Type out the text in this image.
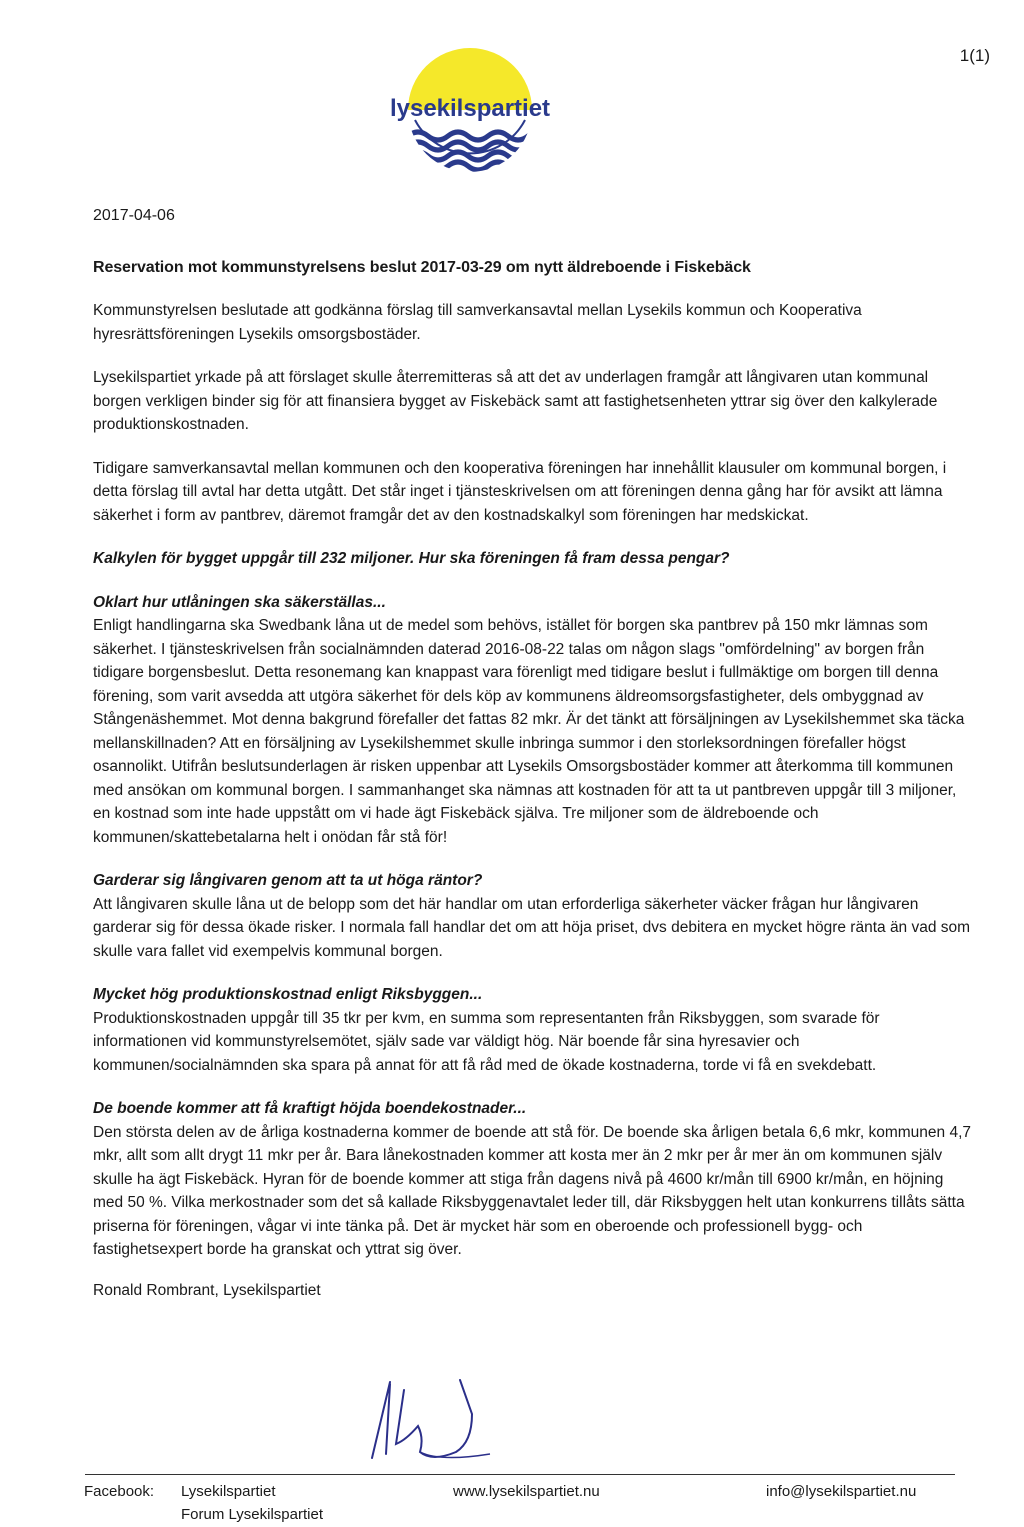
1(1)
lysekilspartiet
2017-04-06
Reservation mot kommunstyrelsens beslut 2017-03-29 om nytt äldreboende i Fiskebäck

Kommunstyrelsen beslutade att godkänna förslag till samverkansavtal mellan Lysekils kommun och Kooperativa hyresrättsföreningen Lysekils omsorgsbostäder.

Lysekilspartiet yrkade på att förslaget skulle återremitteras så att det av underlagen framgår att långivaren utan kommunal borgen verkligen binder sig för att finansiera bygget av Fiskebäck samt att fastighetsenheten yttrar sig över den kalkylerade produktionskostnaden.

Tidigare samverkansavtal mellan kommunen och den kooperativa föreningen har innehållit klausuler om kommunal borgen, i detta förslag till avtal har detta utgått. Det står inget i tjänsteskrivelsen om att föreningen denna gång har för avsikt att lämna säkerhet i form av pantbrev, däremot framgår det av den kostnadskalkyl som föreningen har medskickat.

Kalkylen för bygget uppgår till 232 miljoner. Hur ska föreningen få fram dessa pengar?
Oklart hur utlåningen ska säkerställas...

Enligt handlingarna ska Swedbank låna ut de medel som behövs, istället för borgen ska pantbrev på 150 mkr lämnas som säkerhet. I tjänsteskrivelsen från socialnämnden daterad 2016-08-22 talas om någon slags "omfördelning" av borgen från tidigare borgensbeslut. Detta resonemang kan knappast vara förenligt med tidigare beslut i fullmäktige om borgen till denna förening, som varit avsedda att utgöra säkerhet för dels köp av kommunens äldreomsorgsfastigheter, dels ombyggnad av Stångenäshemmet. Mot denna bakgrund förefaller det fattas 82 mkr. Är det tänkt att försäljningen av Lysekilshemmet ska täcka mellanskillnaden? Att en försäljning av Lysekilshemmet skulle inbringa summor i den storleksordningen förefaller högst osannolikt. Utifrån beslutsunderlagen är risken uppenbar att Lysekils Omsorgsbostäder kommer att återkomma till kommunen med ansökan om kommunal borgen. I sammanhanget ska nämnas att kostnaden för att ta ut pantbreven uppgår till 3 miljoner, en kostnad som inte hade uppstått om vi hade ägt Fiskebäck själva. Tre miljoner som de äldreboende och kommunen/skattebetalarna helt i onödan får stå för!

Garderar sig långivaren genom att ta ut höga räntor?

Att långivaren skulle låna ut de belopp som det här handlar om utan erforderliga säkerheter väcker frågan hur långivaren garderar sig för dessa ökade risker. I normala fall handlar det om att höja priset, dvs debitera en mycket högre ränta än vad som skulle vara fallet vid exempelvis kommunal borgen.

Mycket hög produktionskostnad enligt Riksbyggen...

Produktionskostnaden uppgår till 35 tkr per kvm, en summa som representanten från Riksbyggen, som svarade för informationen vid kommunstyrelsemötet, själv sade var väldigt hög. När boende får sina hyresavier och kommunen/socialnämnden ska spara på annat för att få råd med de ökade kostnaderna, torde vi få en svekdebatt.

De boende kommer att få kraftigt höjda boendekostnader...

Den största delen av de årliga kostnaderna kommer de boende att stå för. De boende ska årligen betala 6,6 mkr, kommunen 4,7 mkr, allt som allt drygt 11 mkr per år. Bara lånekostnaden kommer att kosta mer än 2 mkr per år mer än om kommunen själv skulle ha ägt Fiskebäck. Hyran för de boende kommer att stiga från dagens nivå på 4600 kr/mån till 6900 kr/mån, en höjning med 50 %. Vilka merkostnader som det så kallade Riksbyggenavtalet leder till, där Riksbyggen helt utan konkurrens tillåts sätta priserna för föreningen, vågar vi inte tänka på. Det är mycket här som en oberoende och professionell bygg- och fastighetsexpert borde ha granskat och yttrat sig över.

Ronald Rombrant, Lysekilspartiet
Facebook: Lysekilspartiet
Forum Lysekilspartiet
www.lysekilspartiet.nu	info@lysekilspartiet.nu
